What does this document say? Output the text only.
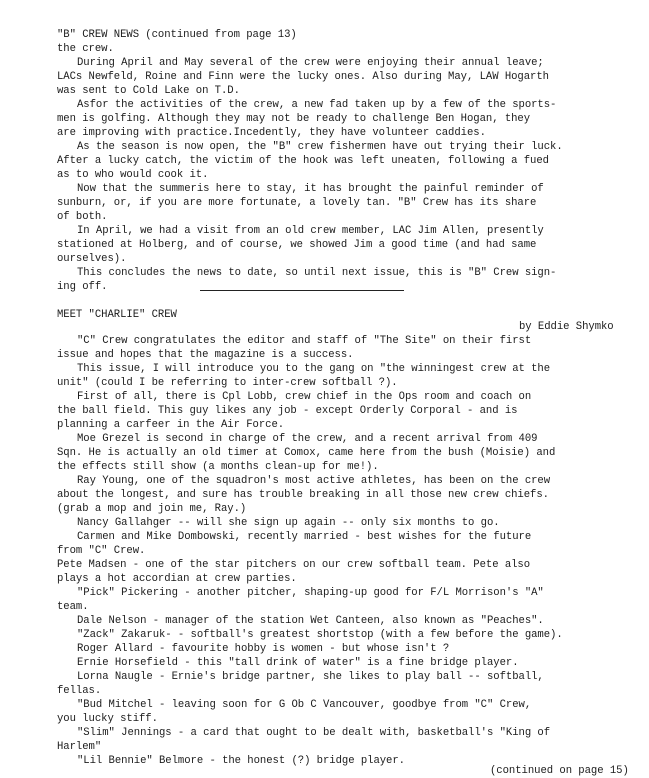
"B" CREW NEWS (continued from page 13)
the crew.
During April and May several of the crew were enjoying their annual leave;
LACs Newfeld, Roine and Finn were the lucky ones. Also during May, LAW Hogarth
was sent to Cold Lake on T.D.
Asfor the activities of the crew, a new fad taken up by a few of the sports-
men is golfing. Although they may not be ready to challenge Ben Hogan, they
are improving with practice.Incedently, they have volunteer caddies.
As the season is now open, the "B" crew fishermen have out trying their luck.
After a lucky catch, the victim of the hook was left uneaten, following a fued
as to who would cook it.
Now that the summeris here to stay, it has brought the painful reminder of
sunburn, or, if you are more fortunate, a lovely tan. "B" Crew has its share
of both.
In April, we had a visit from an old crew member, LAC Jim Allen, presently
stationed at Holberg, and of course, we showed Jim a good time (and had same
ourselves).
This concludes the news to date, so until next issue, this is "B" Crew sign-
ing off.
MEET "CHARLIE" CREW
by Eddie Shymko
"C" Crew congratulates the editor and staff of "The Site" on their first
issue and hopes that the magazine is a success.
This issue, I will introduce you to the gang on "the winningest crew at the
unit" (could I be referring to inter-crew softball ?).
First of all, there is Cpl Lobb, crew chief in the Ops room and coach on
the ball field. This guy likes any job - except Orderly Corporal - and is
planning a carfeer in the Air Force.
Moe Grezel is second in charge of the crew, and a recent arrival from 409
Sqn. He is actually an old timer at Comox, came here from the bush (Moisie) and
the effects still show (a months clean-up for me!).
Ray Young, one of the squadron's most active athletes, has been on the crew
about the longest, and sure has trouble breaking in all those new crew chiefs.
(grab a mop and join me, Ray.)
Nancy Gallahger -- will she sign up again -- only six months to go.
Carmen and Mike Dombowski, recently married - best wishes for the future
from "C" Crew.
Pete Madsen - one of the star pitchers on our crew softball team. Pete also
plays a hot accordian at crew parties.
"Pick" Pickering - another pitcher, shaping-up good for F/L Morrison's "A"
team.
Dale Nelson - manager of the station Wet Canteen, also known as "Peaches".
"Zack" Zakaruk- - softball's greatest shortstop (with a few before the game).
Roger Allard - favourite hobby is women - but whose isn't ?
Ernie Horsefield - this "tall drink of water" is a fine bridge player.
Lorna Naugle - Ernie's bridge partner, she likes to play ball -- softball,
fellas.
"Bud Mitchel - leaving soon for G Ob C Vancouver, goodbye from "C" Crew,
you lucky stiff.
"Slim" Jennings - a card that ought to be dealt with, basketball's "King of
Harlem"
"Lil Bennie" Belmore - the honest (?) bridge player.
(continued on page 15)
